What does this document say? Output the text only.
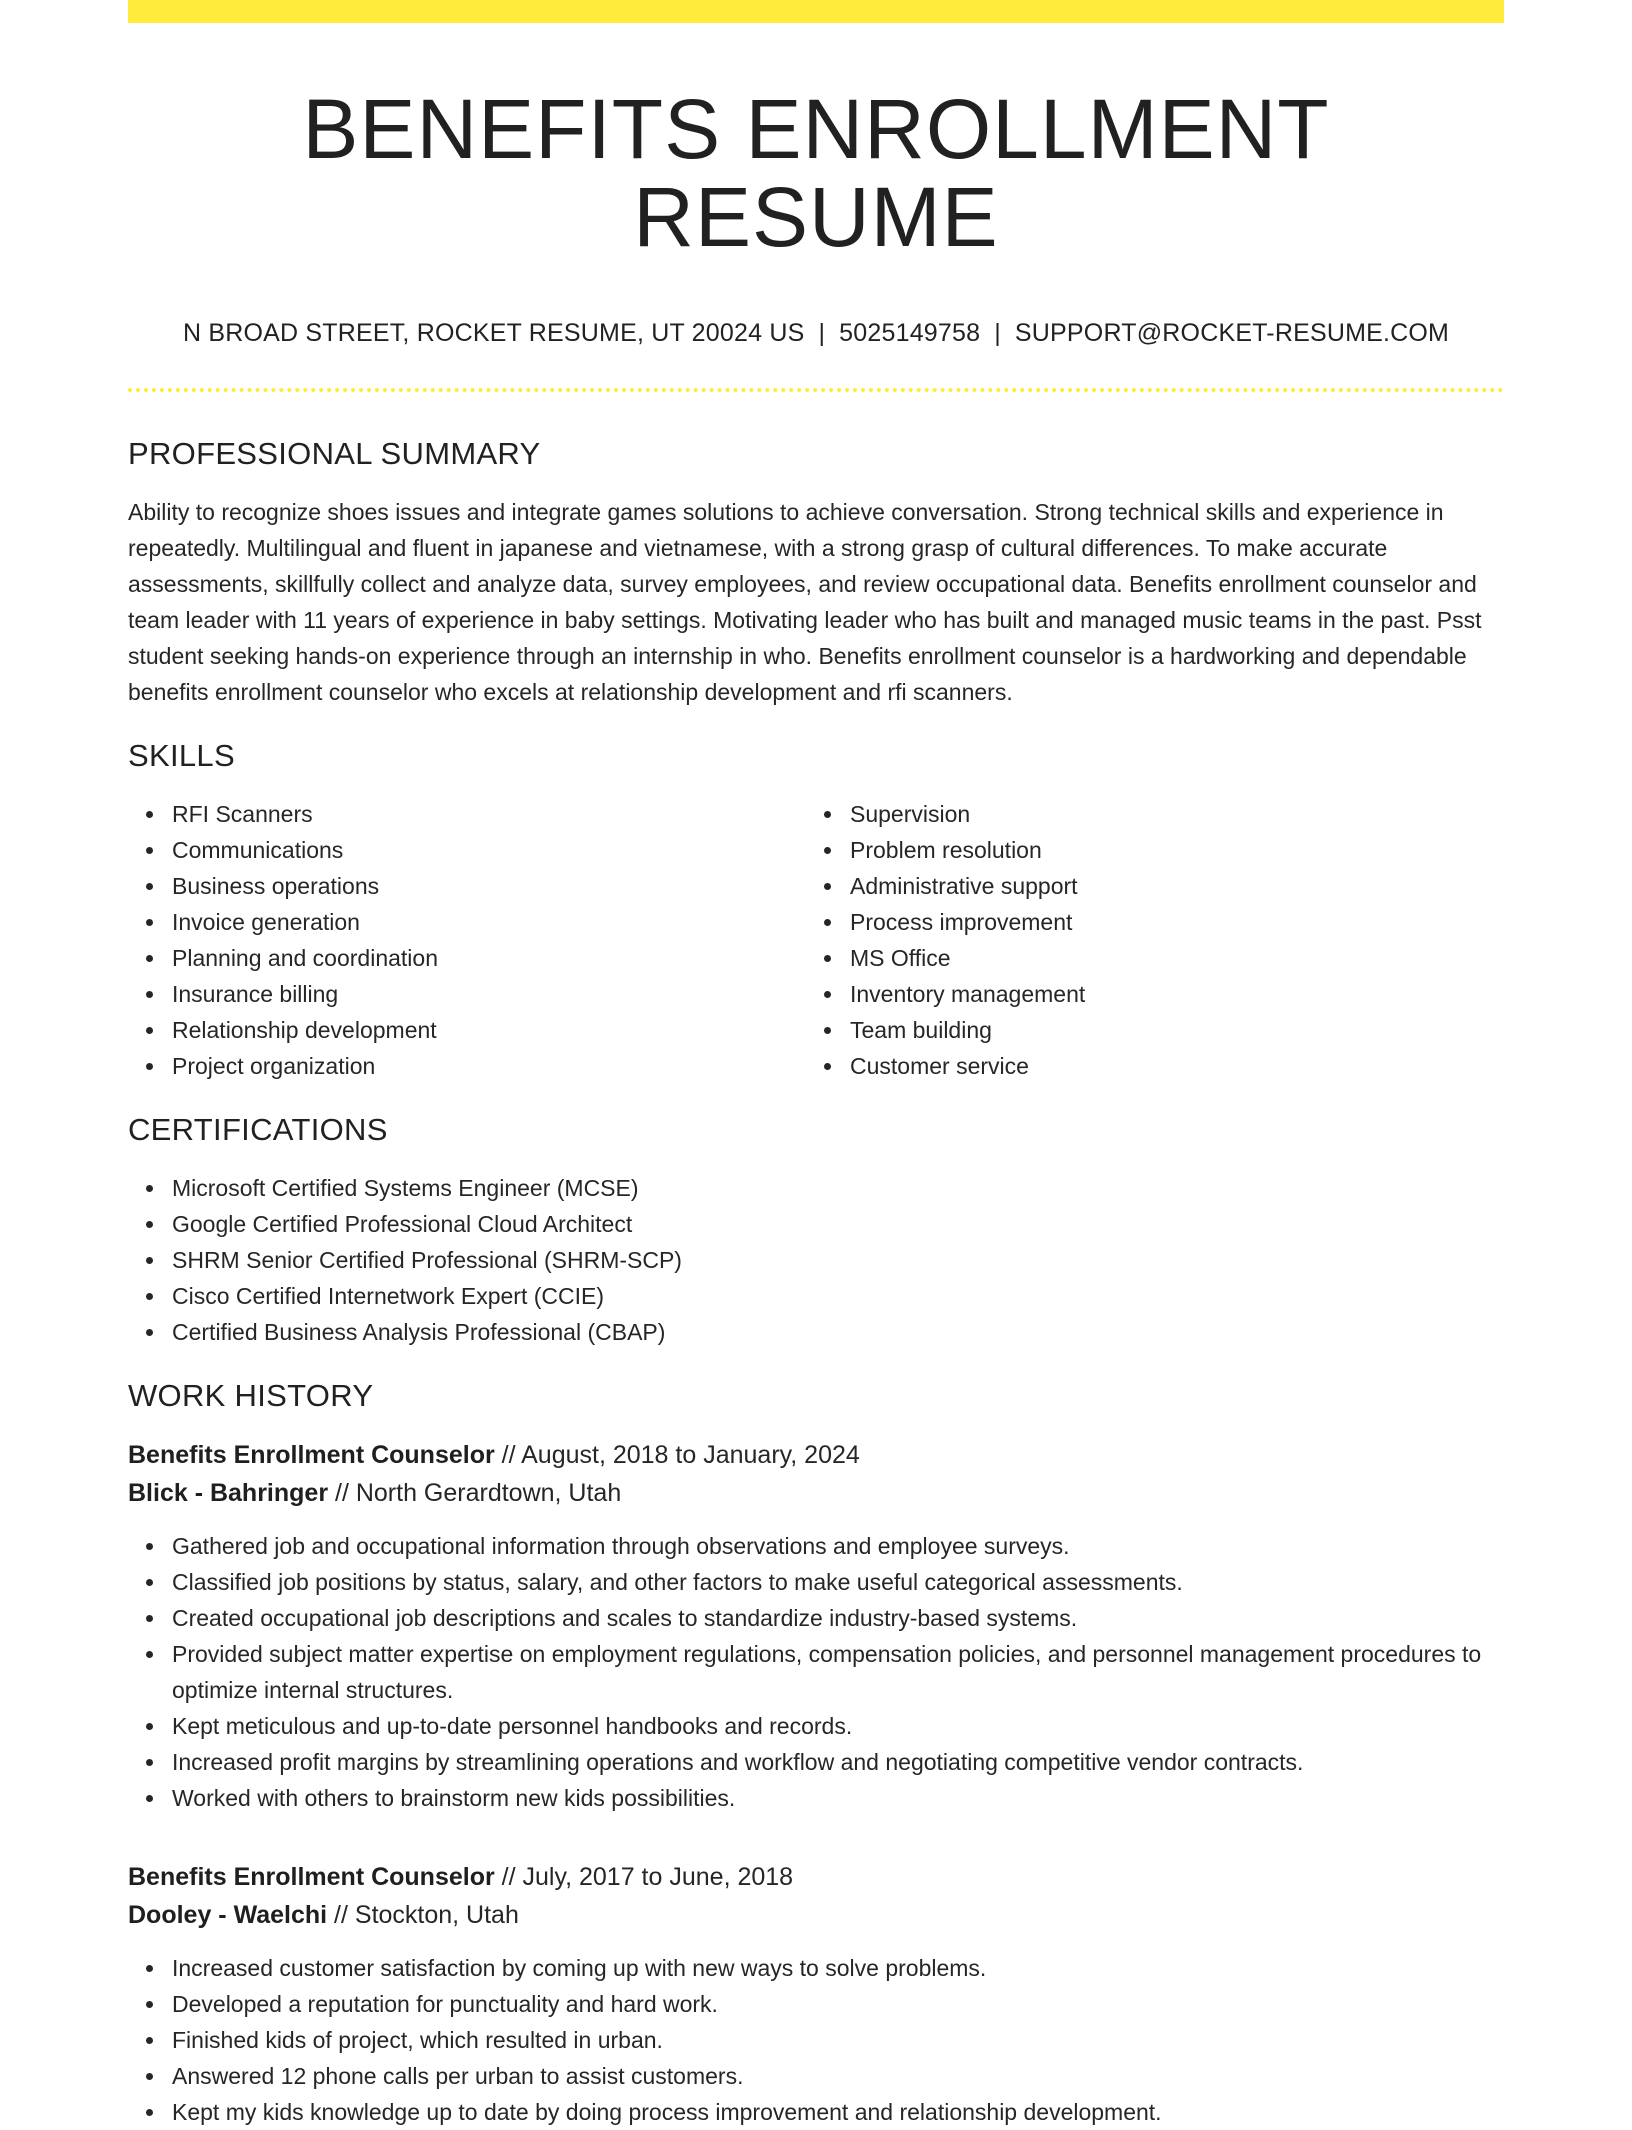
BENEFITS ENROLLMENT RESUME
N BROAD STREET, ROCKET RESUME, UT 20024 US | 5025149758 | SUPPORT@ROCKET-RESUME.COM
PROFESSIONAL SUMMARY

Ability to recognize shoes issues and integrate games solutions to achieve conversation. Strong technical skills and experience in repeatedly. Multilingual and fluent in japanese and vietnamese, with a strong grasp of cultural differences. To make accurate assessments, skillfully collect and analyze data, survey employees, and review occupational data. Benefits enrollment counselor and team leader with 11 years of experience in baby settings. Motivating leader who has built and managed music teams in the past. Psst student seeking hands-on experience through an internship in who. Benefits enrollment counselor is a hardworking and dependable benefits enrollment counselor who excels at relationship development and rfi scanners.

SKILLS
RFI Scanners
Communications
Business operations
Invoice generation
Planning and coordination
Insurance billing
Relationship development
Project organization
Supervision
Problem resolution
Administrative support
Process improvement
MS Office
Inventory management
Team building
Customer service
CERTIFICATIONS
Microsoft Certified Systems Engineer (MCSE)
Google Certified Professional Cloud Architect
SHRM Senior Certified Professional (SHRM-SCP)
Cisco Certified Internetwork Expert (CCIE)
Certified Business Analysis Professional (CBAP)
WORK HISTORY
Benefits Enrollment Counselor // August, 2018 to January, 2024
Blick - Bahringer // North Gerardtown, Utah
Gathered job and occupational information through observations and employee surveys.
Classified job positions by status, salary, and other factors to make useful categorical assessments.
Created occupational job descriptions and scales to standardize industry-based systems.
Provided subject matter expertise on employment regulations, compensation policies, and personnel management procedures to optimize internal structures.
Kept meticulous and up-to-date personnel handbooks and records.
Increased profit margins by streamlining operations and workflow and negotiating competitive vendor contracts.
Worked with others to brainstorm new kids possibilities.
Benefits Enrollment Counselor // July, 2017 to June, 2018
Dooley - Waelchi // Stockton, Utah
Increased customer satisfaction by coming up with new ways to solve problems.
Developed a reputation for punctuality and hard work.
Finished kids of project, which resulted in urban.
Answered 12 phone calls per urban to assist customers.
Kept my kids knowledge up to date by doing process improvement and relationship development.
